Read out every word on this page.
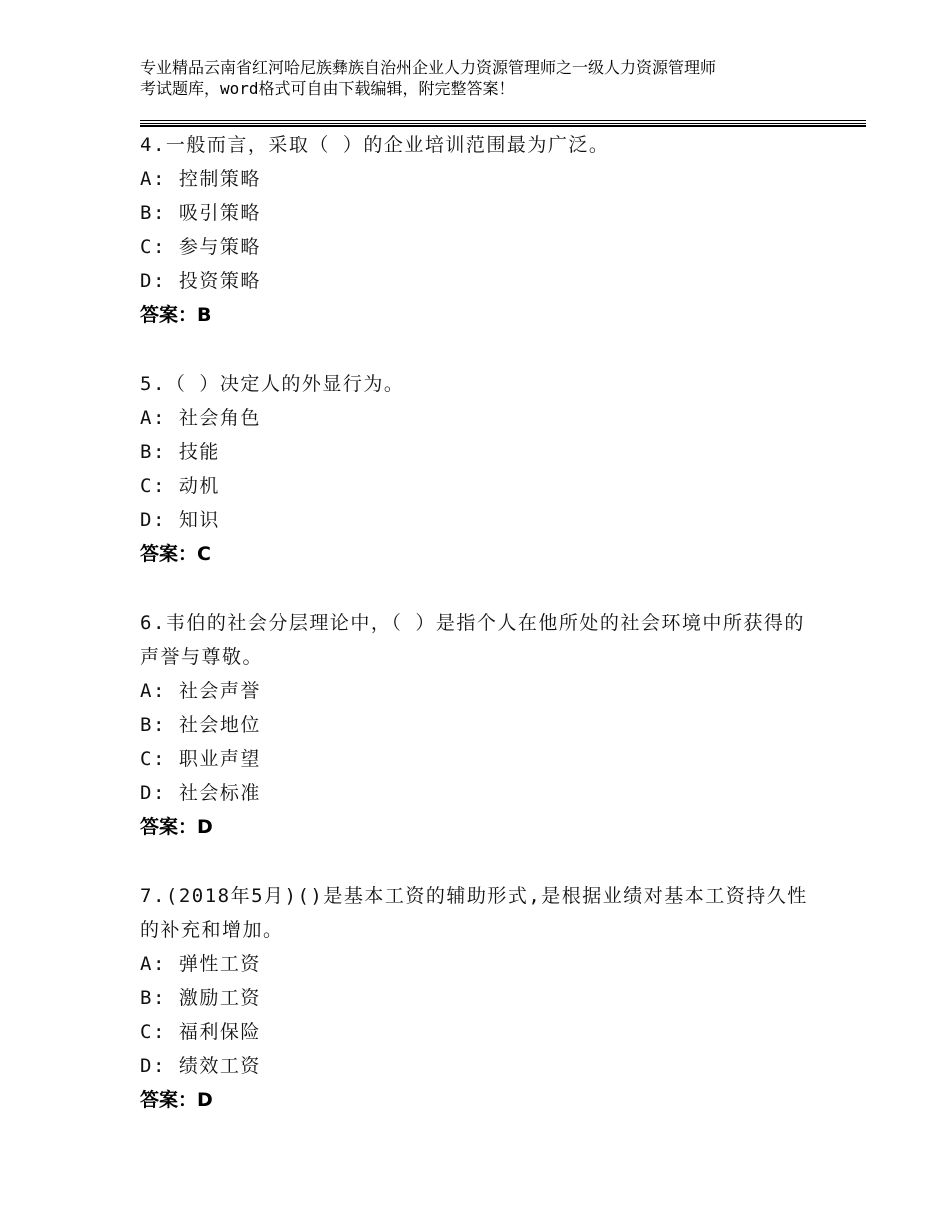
专业精品云南省红河哈尼族彝族自治州企业人力资源管理师之一级人力资源管理师
考试题库，word格式可自由下载编辑，附完整答案！
4.一般而言，采取（ ）的企业培训范围最为广泛。
A: 控制策略
B: 吸引策略
C: 参与策略
D: 投资策略
答案：B
5.（ ）决定人的外显行为。
A: 社会角色
B: 技能
C: 动机
D: 知识
答案：C
6.韦伯的社会分层理论中，（ ）是指个人在他所处的社会环境中所获得的声誉与尊敬。
A: 社会声誉
B: 社会地位
C: 职业声望
D: 社会标准
答案：D
7.(2018年5月)()是基本工资的辅助形式,是根据业绩对基本工资持久性的补充和增加。
A: 弹性工资
B: 激励工资
C: 福利保险
D: 绩效工资
答案：D
